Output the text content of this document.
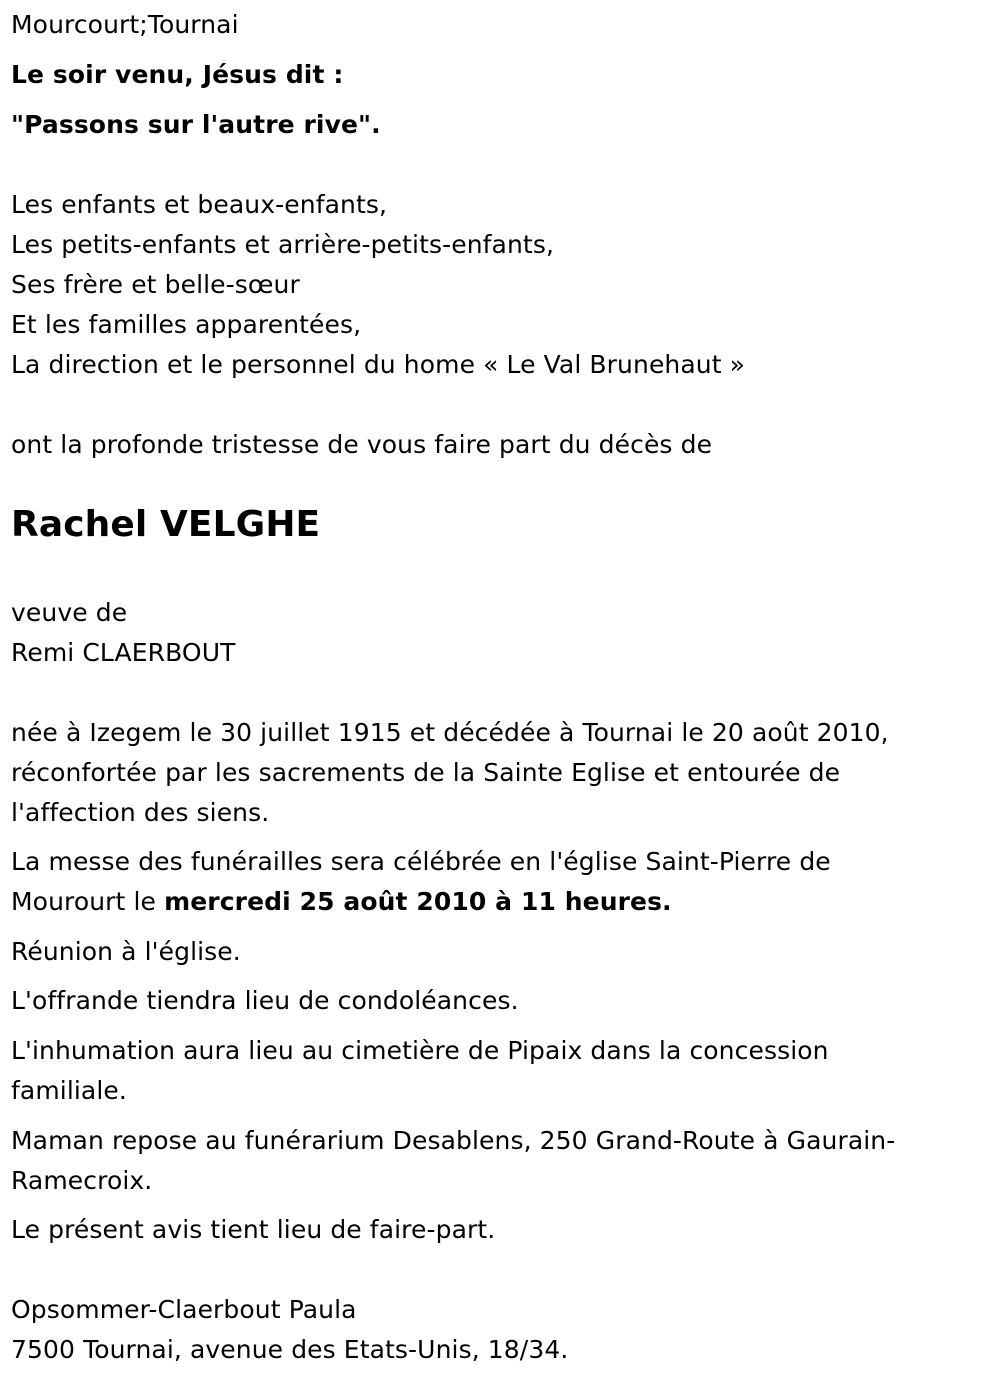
Mourcourt;Tournai
Le soir venu, Jésus dit :
"Passons sur l'autre rive".
Les enfants et beaux-enfants,
Les petits-enfants et arrière-petits-enfants,
Ses frère et belle-sœur
Et les familles apparentées,
La direction et le personnel du home « Le Val Brunehaut »
ont la profonde tristesse de vous faire part du décès de
Rachel VELGHE
veuve de
Remi CLAERBOUT
née à Izegem le 30 juillet 1915 et décédée à Tournai le 20 août 2010,
réconfortée par les sacrements de la Sainte Eglise et entourée de
l'affection des siens.
La messe des funérailles sera célébrée en l'église Saint-Pierre de
Mourourt le mercredi 25 août 2010 à 11 heures.
Réunion à l'église.
L'offrande tiendra lieu de condoléances.
L'inhumation aura lieu au cimetière de Pipaix dans la concession
familiale.
Maman repose au funérarium Desablens, 250 Grand-Route à Gaurain-
Ramecroix.
Le présent avis tient lieu de faire-part.
Opsommer-Claerbout Paula
7500 Tournai, avenue des Etats-Unis, 18/34.
